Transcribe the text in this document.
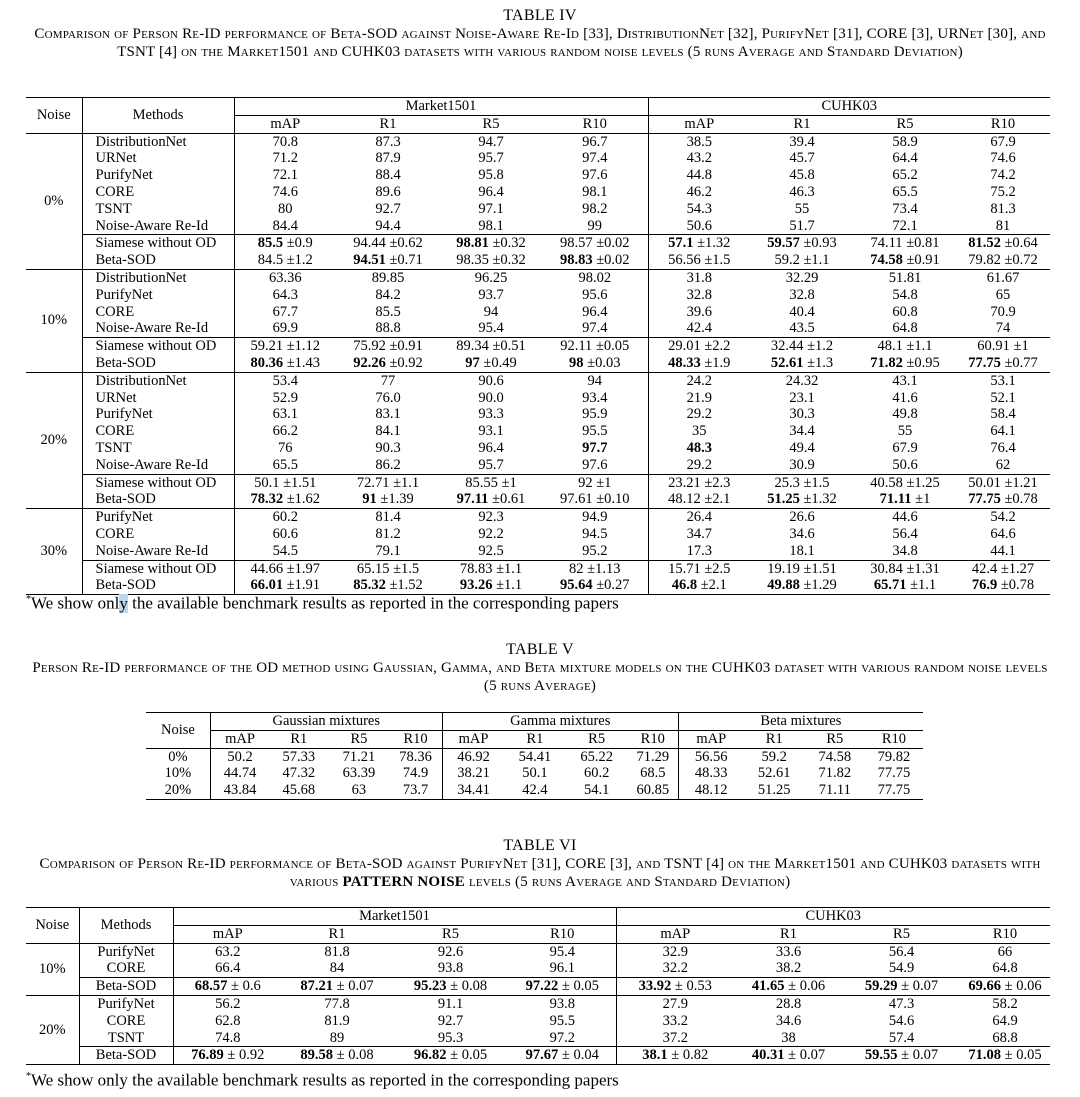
TABLE IV
Comparison of Person Re-ID performance of Beta-SOD against Noise-Aware Re-Id [33], DistributionNet [32], PurifyNet [31], CORE [3], URNet [30], and TSNT [4] on the Market1501 and CUHK03 datasets with various random noise levels (5 runs Average and Standard Deviation)
Noise	Methods	Market1501				CUHK03			
		mAP	R1	R5	R10	mAP	R1	R5	R10
0%	DistributionNet	70.8	87.3	94.7	96.7	38.5	39.4	58.9	67.9
	URNet	71.2	87.9	95.7	97.4	43.2	45.7	64.4	74.6
	PurifyNet	72.1	88.4	95.8	97.6	44.8	45.8	65.2	74.2
	CORE	74.6	89.6	96.4	98.1	46.2	46.3	65.5	75.2
	TSNT	80	92.7	97.1	98.2	54.3	55	73.4	81.3
	Noise-Aware Re-Id	84.4	94.4	98.1	99	50.6	51.7	72.1	81
	Siamese without OD	85.5 ±0.9	94.44 ±0.62	98.81 ±0.32	98.57 ±0.02	57.1 ±1.32	59.57 ±0.93	74.11 ±0.81	81.52 ±0.64
	Beta-SOD	84.5 ±1.2	94.51 ±0.71	98.35 ±0.32	98.83 ±0.02	56.56 ±1.5	59.2 ±1.1	74.58 ±0.91	79.82 ±0.72
10%	DistributionNet	63.36	89.85	96.25	98.02	31.8	32.29	51.81	61.67
	PurifyNet	64.3	84.2	93.7	95.6	32.8	32.8	54.8	65
	CORE	67.7	85.5	94	96.4	39.6	40.4	60.8	70.9
	Noise-Aware Re-Id	69.9	88.8	95.4	97.4	42.4	43.5	64.8	74
	Siamese without OD	59.21 ±1.12	75.92 ±0.91	89.34 ±0.51	92.11 ±0.05	29.01 ±2.2	32.44 ±1.2	48.1 ±1.1	60.91 ±1
	Beta-SOD	80.36 ±1.43	92.26 ±0.92	97 ±0.49	98 ±0.03	48.33 ±1.9	52.61 ±1.3	71.82 ±0.95	77.75 ±0.77
20%	DistributionNet	53.4	77	90.6	94	24.2	24.32	43.1	53.1
	URNet	52.9	76.0	90.0	93.4	21.9	23.1	41.6	52.1
	PurifyNet	63.1	83.1	93.3	95.9	29.2	30.3	49.8	58.4
	CORE	66.2	84.1	93.1	95.5	35	34.4	55	64.1
	TSNT	76	90.3	96.4	97.7	48.3	49.4	67.9	76.4
	Noise-Aware Re-Id	65.5	86.2	95.7	97.6	29.2	30.9	50.6	62
	Siamese without OD	50.1 ±1.51	72.71 ±1.1	85.55 ±1	92 ±1	23.21 ±2.3	25.3 ±1.5	40.58 ±1.25	50.01 ±1.21
	Beta-SOD	78.32 ±1.62	91 ±1.39	97.11 ±0.61	97.61 ±0.10	48.12 ±2.1	51.25 ±1.32	71.11 ±1	77.75 ±0.78
30%	PurifyNet	60.2	81.4	92.3	94.9	26.4	26.6	44.6	54.2
	CORE	60.6	81.2	92.2	94.5	34.7	34.6	56.4	64.6
	Noise-Aware Re-Id	54.5	79.1	92.5	95.2	17.3	18.1	34.8	44.1
	Siamese without OD	44.66 ±1.97	65.15 ±1.5	78.83 ±1.1	82 ±1.13	15.71 ±2.5	19.19 ±1.51	30.84 ±1.31	42.4 ±1.27
	Beta-SOD	66.01 ±1.91	85.32 ±1.52	93.26 ±1.1	95.64 ±0.27	46.8 ±2.1	49.88 ±1.29	65.71 ±1.1	76.9 ±0.78
*We show only the available benchmark results as reported in the corresponding papers
TABLE V
Person Re-ID performance of the OD method using Gaussian, Gamma, and Beta mixture models on the CUHK03 dataset with various random noise levels (5 runs Average)
Noise	Gaussian mixtures				Gamma mixtures				Beta mixtures			
	mAP	R1	R5	R10	mAP	R1	R5	R10	mAP	R1	R5	R10
0%	50.2	57.33	71.21	78.36	46.92	54.41	65.22	71.29	56.56	59.2	74.58	79.82
10%	44.74	47.32	63.39	74.9	38.21	50.1	60.2	68.5	48.33	52.61	71.82	77.75
20%	43.84	45.68	63	73.7	34.41	42.4	54.1	60.85	48.12	51.25	71.11	77.75
TABLE VI
Comparison of Person Re-ID performance of Beta-SOD against PurifyNet [31], CORE [3], and TSNT [4] on the Market1501 and CUHK03 datasets with various PATTERN NOISE levels (5 runs Average and Standard Deviation)
Noise	Methods	Market1501				CUHK03			
		mAP	R1	R5	R10	mAP	R1	R5	R10
10%	PurifyNet	63.2	81.8	92.6	95.4	32.9	33.6	56.4	66
	CORE	66.4	84	93.8	96.1	32.2	38.2	54.9	64.8
	Beta-SOD	68.57 ± 0.6	87.21 ± 0.07	95.23 ± 0.08	97.22 ± 0.05	33.92 ± 0.53	41.65 ± 0.06	59.29 ± 0.07	69.66 ± 0.06
20%	PurifyNet	56.2	77.8	91.1	93.8	27.9	28.8	47.3	58.2
	CORE	62.8	81.9	92.7	95.5	33.2	34.6	54.6	64.9
	TSNT	74.8	89	95.3	97.2	37.2	38	57.4	68.8
	Beta-SOD	76.89 ± 0.92	89.58 ± 0.08	96.82 ± 0.05	97.67 ± 0.04	38.1 ± 0.82	40.31 ± 0.07	59.55 ± 0.07	71.08 ± 0.05
*We show only the available benchmark results as reported in the corresponding papers
